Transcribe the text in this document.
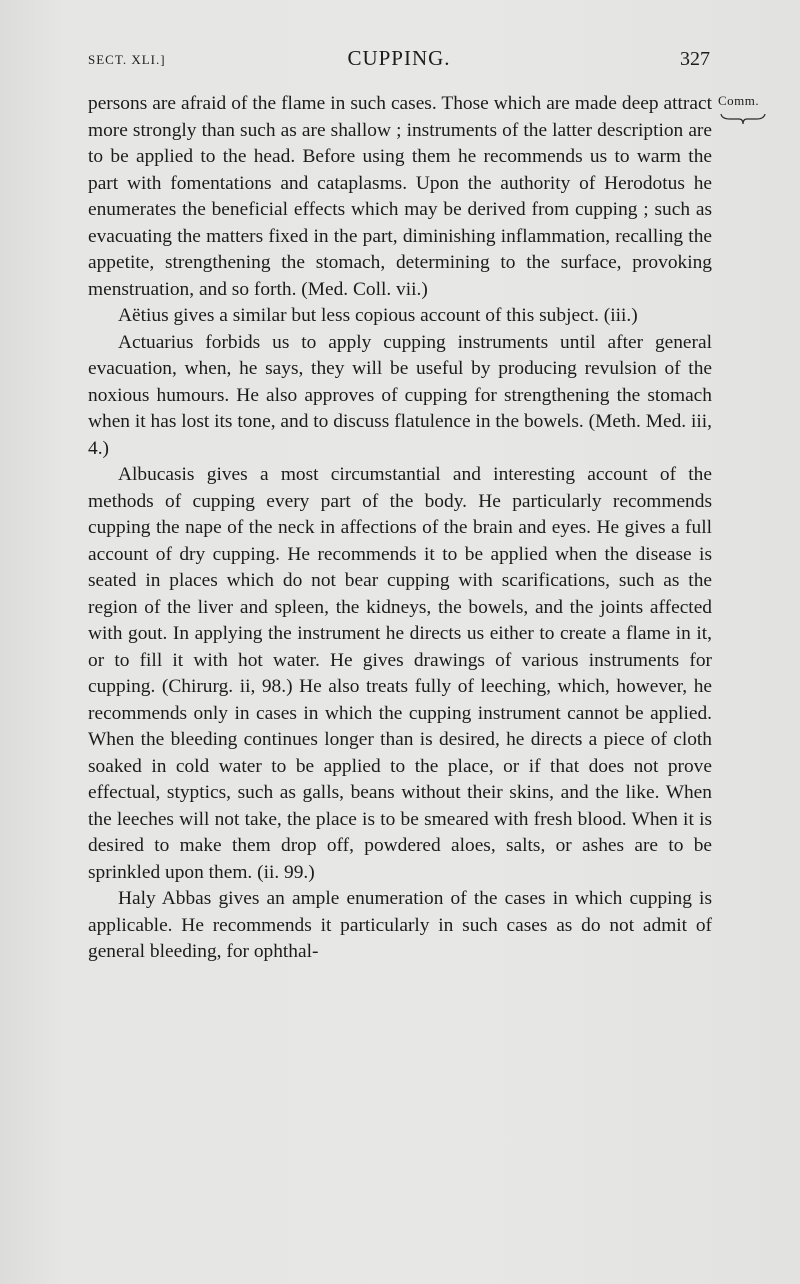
SECT. XLI.]	CUPPING.	327
Comm.

persons are afraid of the flame in such cases. Those which are made deep attract more strongly than such as are shallow ; instruments of the latter description are to be applied to the head. Before using them he recommends us to warm the part with fomentations and cataplasms. Upon the authority of Herodotus he enumerates the beneficial effects which may be derived from cupping ; such as evacuating the matters fixed in the part, diminishing inflammation, recalling the appetite, strengthening the stomach, determining to the surface, provoking menstruation, and so forth. (Med. Coll. vii.)

Aëtius gives a similar but less copious account of this subject. (iii.)

Actuarius forbids us to apply cupping instruments until after general evacuation, when, he says, they will be useful by producing revulsion of the noxious humours. He also approves of cupping for strengthening the stomach when it has lost its tone, and to discuss flatulence in the bowels. (Meth. Med. iii, 4.)

Albucasis gives a most circumstantial and interesting account of the methods of cupping every part of the body. He particularly recommends cupping the nape of the neck in affections of the brain and eyes. He gives a full account of dry cupping. He recommends it to be applied when the disease is seated in places which do not bear cupping with scarifications, such as the region of the liver and spleen, the kidneys, the bowels, and the joints affected with gout. In applying the instrument he directs us either to create a flame in it, or to fill it with hot water. He gives drawings of various instruments for cupping. (Chirurg. ii, 98.) He also treats fully of leeching, which, however, he recommends only in cases in which the cupping instrument cannot be applied. When the bleeding continues longer than is desired, he directs a piece of cloth soaked in cold water to be applied to the place, or if that does not prove effectual, styptics, such as galls, beans without their skins, and the like. When the leeches will not take, the place is to be smeared with fresh blood. When it is desired to make them drop off, powdered aloes, salts, or ashes are to be sprinkled upon them. (ii. 99.)

Haly Abbas gives an ample enumeration of the cases in which cupping is applicable. He recommends it particularly in such cases as do not admit of general bleeding, for ophthal-
